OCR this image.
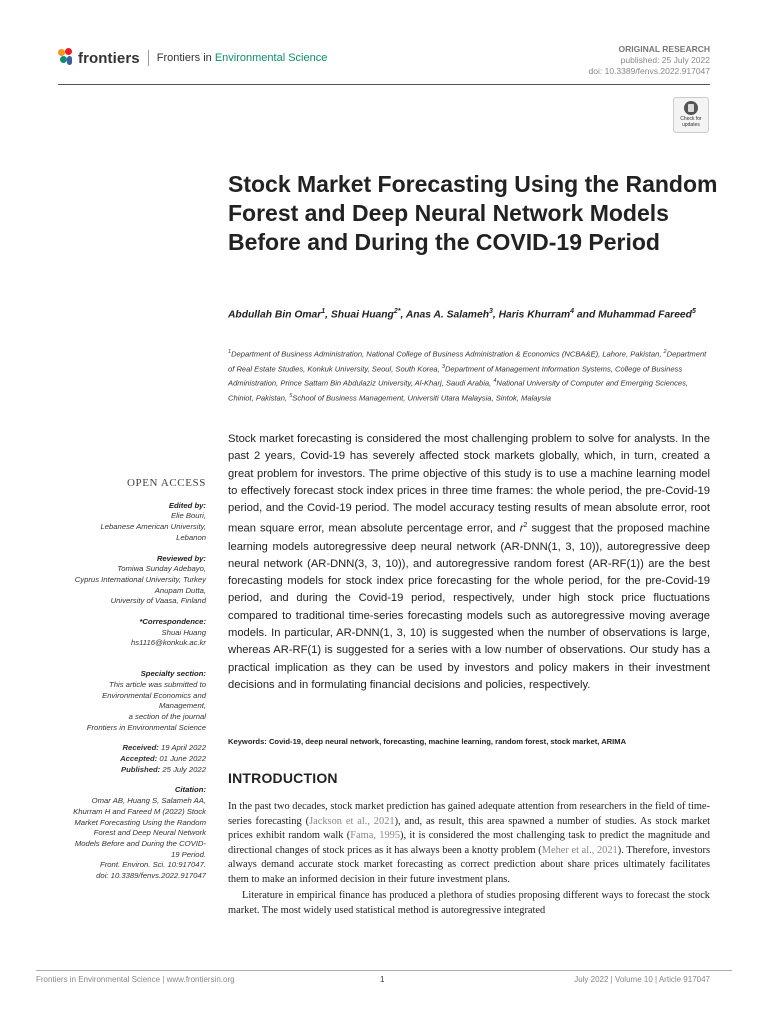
frontiers Frontiers in Environmental Science
ORIGINAL RESEARCH
published: 25 July 2022
doi: 10.3389/fenvs.2022.917047
Check for updates
Stock Market Forecasting Using the Random Forest and Deep Neural Network Models Before and During the COVID-19 Period
Abdullah Bin Omar$^1$, Shuai Huang$^{2*}$, Anas A. Salameh$^3$, Haris Khurram$^4$ and Muhammad Fareed$^5$
$^1$Department of Business Administration, National College of Business Administration & Economics (NCBA&E), Lahore, Pakistan, $^2$Department of Real Estate Studies, Konkuk University, Seoul, South Korea, $^3$Department of Management Information Systems, College of Business Administration, Prince Sattam Bin Abdulaziz University, Al-Kharj, Saudi Arabia, $^4$National University of Computer and Emerging Sciences, Chiniot, Pakistan, $^5$School of Business Management, Universiti Utara Malaysia, Sintok, Malaysia
Stock market forecasting is considered the most challenging problem to solve for analysts. In the past 2 years, Covid-19 has severely affected stock markets globally, which, in turn, created a great problem for investors. The prime objective of this study is to use a machine learning model to effectively forecast stock index prices in three time frames: the whole period, the pre-Covid-19 period, and the Covid-19 period. The model accuracy testing results of mean absolute error, root mean square error, mean absolute percentage error, and $r^2$ suggest that the proposed machine learning models autoregressive deep neural network (AR-DNN(1, 3, 10)), autoregressive deep neural network (AR-DNN(3, 3, 10)), and autoregressive random forest (AR-RF(1)) are the best forecasting models for stock index price forecasting for the whole period, for the pre-Covid-19 period, and during the Covid-19 period, respectively, under high stock price fluctuations compared to traditional time-series forecasting models such as autoregressive moving average models. In particular, AR-DNN(1, 3, 10) is suggested when the number of observations is large, whereas AR-RF(1) is suggested for a series with a low number of observations. Our study has a practical implication as they can be used by investors and policy makers in their investment decisions and in formulating financial decisions and policies, respectively.
Keywords: Covid-19, deep neural network, forecasting, machine learning, random forest, stock market, ARIMA
OPEN ACCESS
Edited by:
Elie Bouri,
Lebanese American University,
Lebanon
Reviewed by:
Tomiwa Sunday Adebayo,
Cyprus International University, Turkey
Anupam Dutta,
University of Vaasa, Finland
*Correspondence:
Shuai Huang
hs1116@konkuk.ac.kr
Specialty section:
This article was submitted to
Environmental Economics and
Management,
a section of the journal
Frontiers in Environmental Science
Received: 19 April 2022
Accepted: 01 June 2022
Published: 25 July 2022
Citation:
Omar AB, Huang S, Salameh AA,
Khurram H and Fareed M (2022) Stock
Market Forecasting Using the Random
Forest and Deep Neural Network
Models Before and During the COVID-
19 Period.
Front. Environ. Sci. 10:917047.
doi: 10.3389/fenvs.2022.917047
INTRODUCTION

In the past two decades, stock market prediction has gained adequate attention from researchers in the field of time-series forecasting (Jackson et al., 2021), and, as result, this area spawned a number of studies. As stock market prices exhibit random walk (Fama, 1995), it is considered the most challenging task to predict the magnitude and directional changes of stock prices as it has always been a knotty problem (Meher et al., 2021). Therefore, investors always demand accurate stock market forecasting as correct prediction about share prices ultimately facilitates them to make an informed decision in their future investment plans.

Literature in empirical finance has produced a plethora of studies proposing different ways to forecast the stock market. The most widely used statistical method is autoregressive integrated

Frontiers in Environmental Science | www.frontiersin.org	1	July 2022 | Volume 10 | Article 917047
